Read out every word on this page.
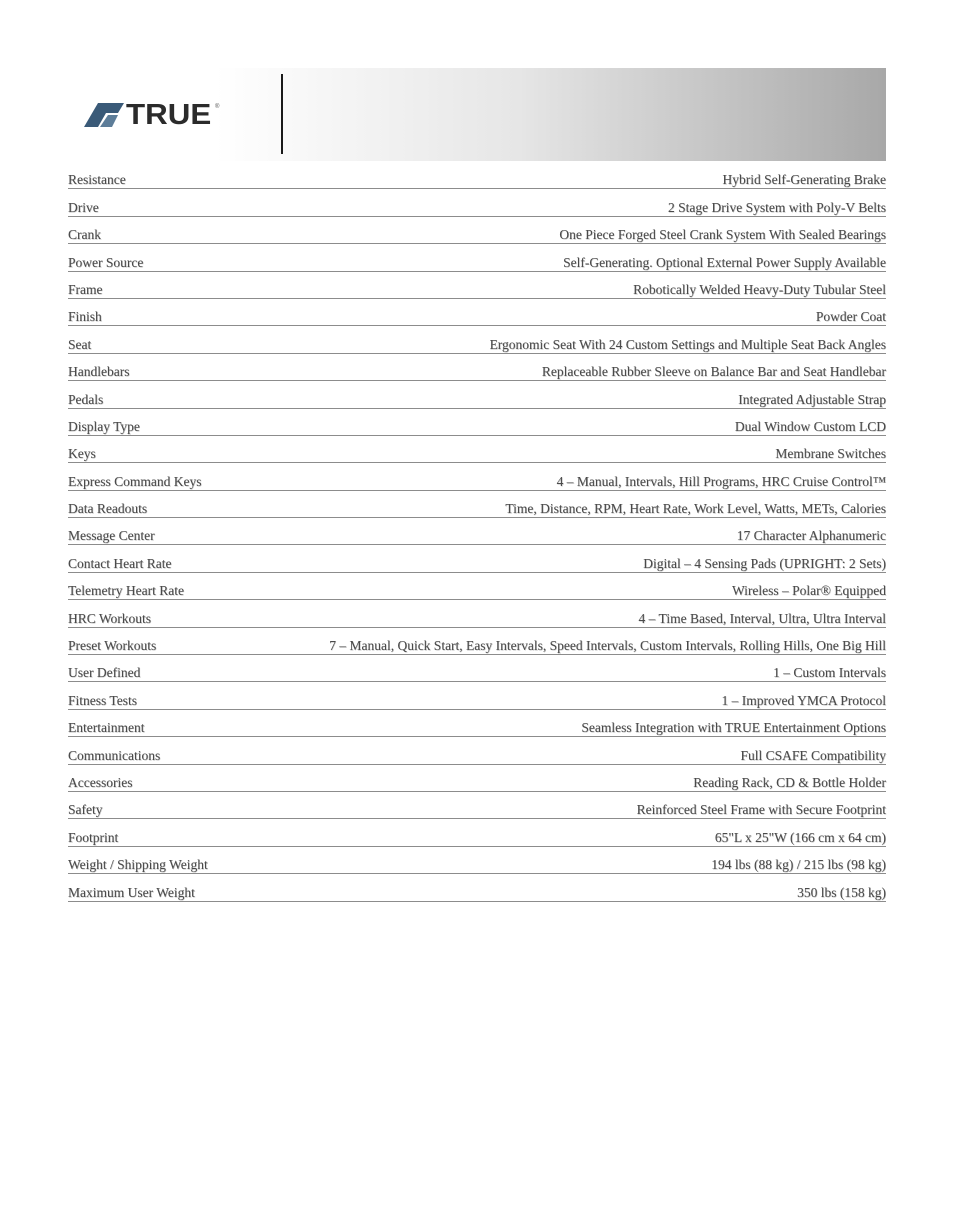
TRUE ®
Resistance	Hybrid Self-Generating Brake
Drive	2 Stage Drive System with Poly-V Belts
Crank	One Piece Forged Steel Crank System With Sealed Bearings
Power Source	Self-Generating. Optional External Power Supply Available
Frame	Robotically Welded Heavy-Duty Tubular Steel
Finish	Powder Coat
Seat	Ergonomic Seat With 24 Custom Settings and Multiple Seat Back Angles
Handlebars	Replaceable Rubber Sleeve on Balance Bar and Seat Handlebar
Pedals	Integrated Adjustable Strap
Display Type	Dual Window Custom LCD
Keys	Membrane Switches
Express Command Keys	4 – Manual, Intervals, Hill Programs, HRC Cruise Control™
Data Readouts	Time, Distance, RPM, Heart Rate, Work Level, Watts, METs, Calories
Message Center	17 Character Alphanumeric
Contact Heart Rate	Digital – 4 Sensing Pads (UPRIGHT: 2 Sets)
Telemetry Heart Rate	Wireless – Polar® Equipped
HRC Workouts	4 – Time Based, Interval, Ultra, Ultra Interval
Preset Workouts	7 – Manual, Quick Start, Easy Intervals, Speed Intervals, Custom Intervals, Rolling Hills, One Big Hill
User Defined	1 – Custom Intervals
Fitness Tests	1 – Improved YMCA Protocol
Entertainment	Seamless Integration with TRUE Entertainment Options
Communications	Full CSAFE Compatibility
Accessories	Reading Rack, CD & Bottle Holder
Safety	Reinforced Steel Frame with Secure Footprint
Footprint	65"L x 25"W (166 cm x 64 cm)
Weight / Shipping Weight	194 lbs (88 kg) / 215 lbs (98 kg)
Maximum User Weight	350 lbs (158 kg)
